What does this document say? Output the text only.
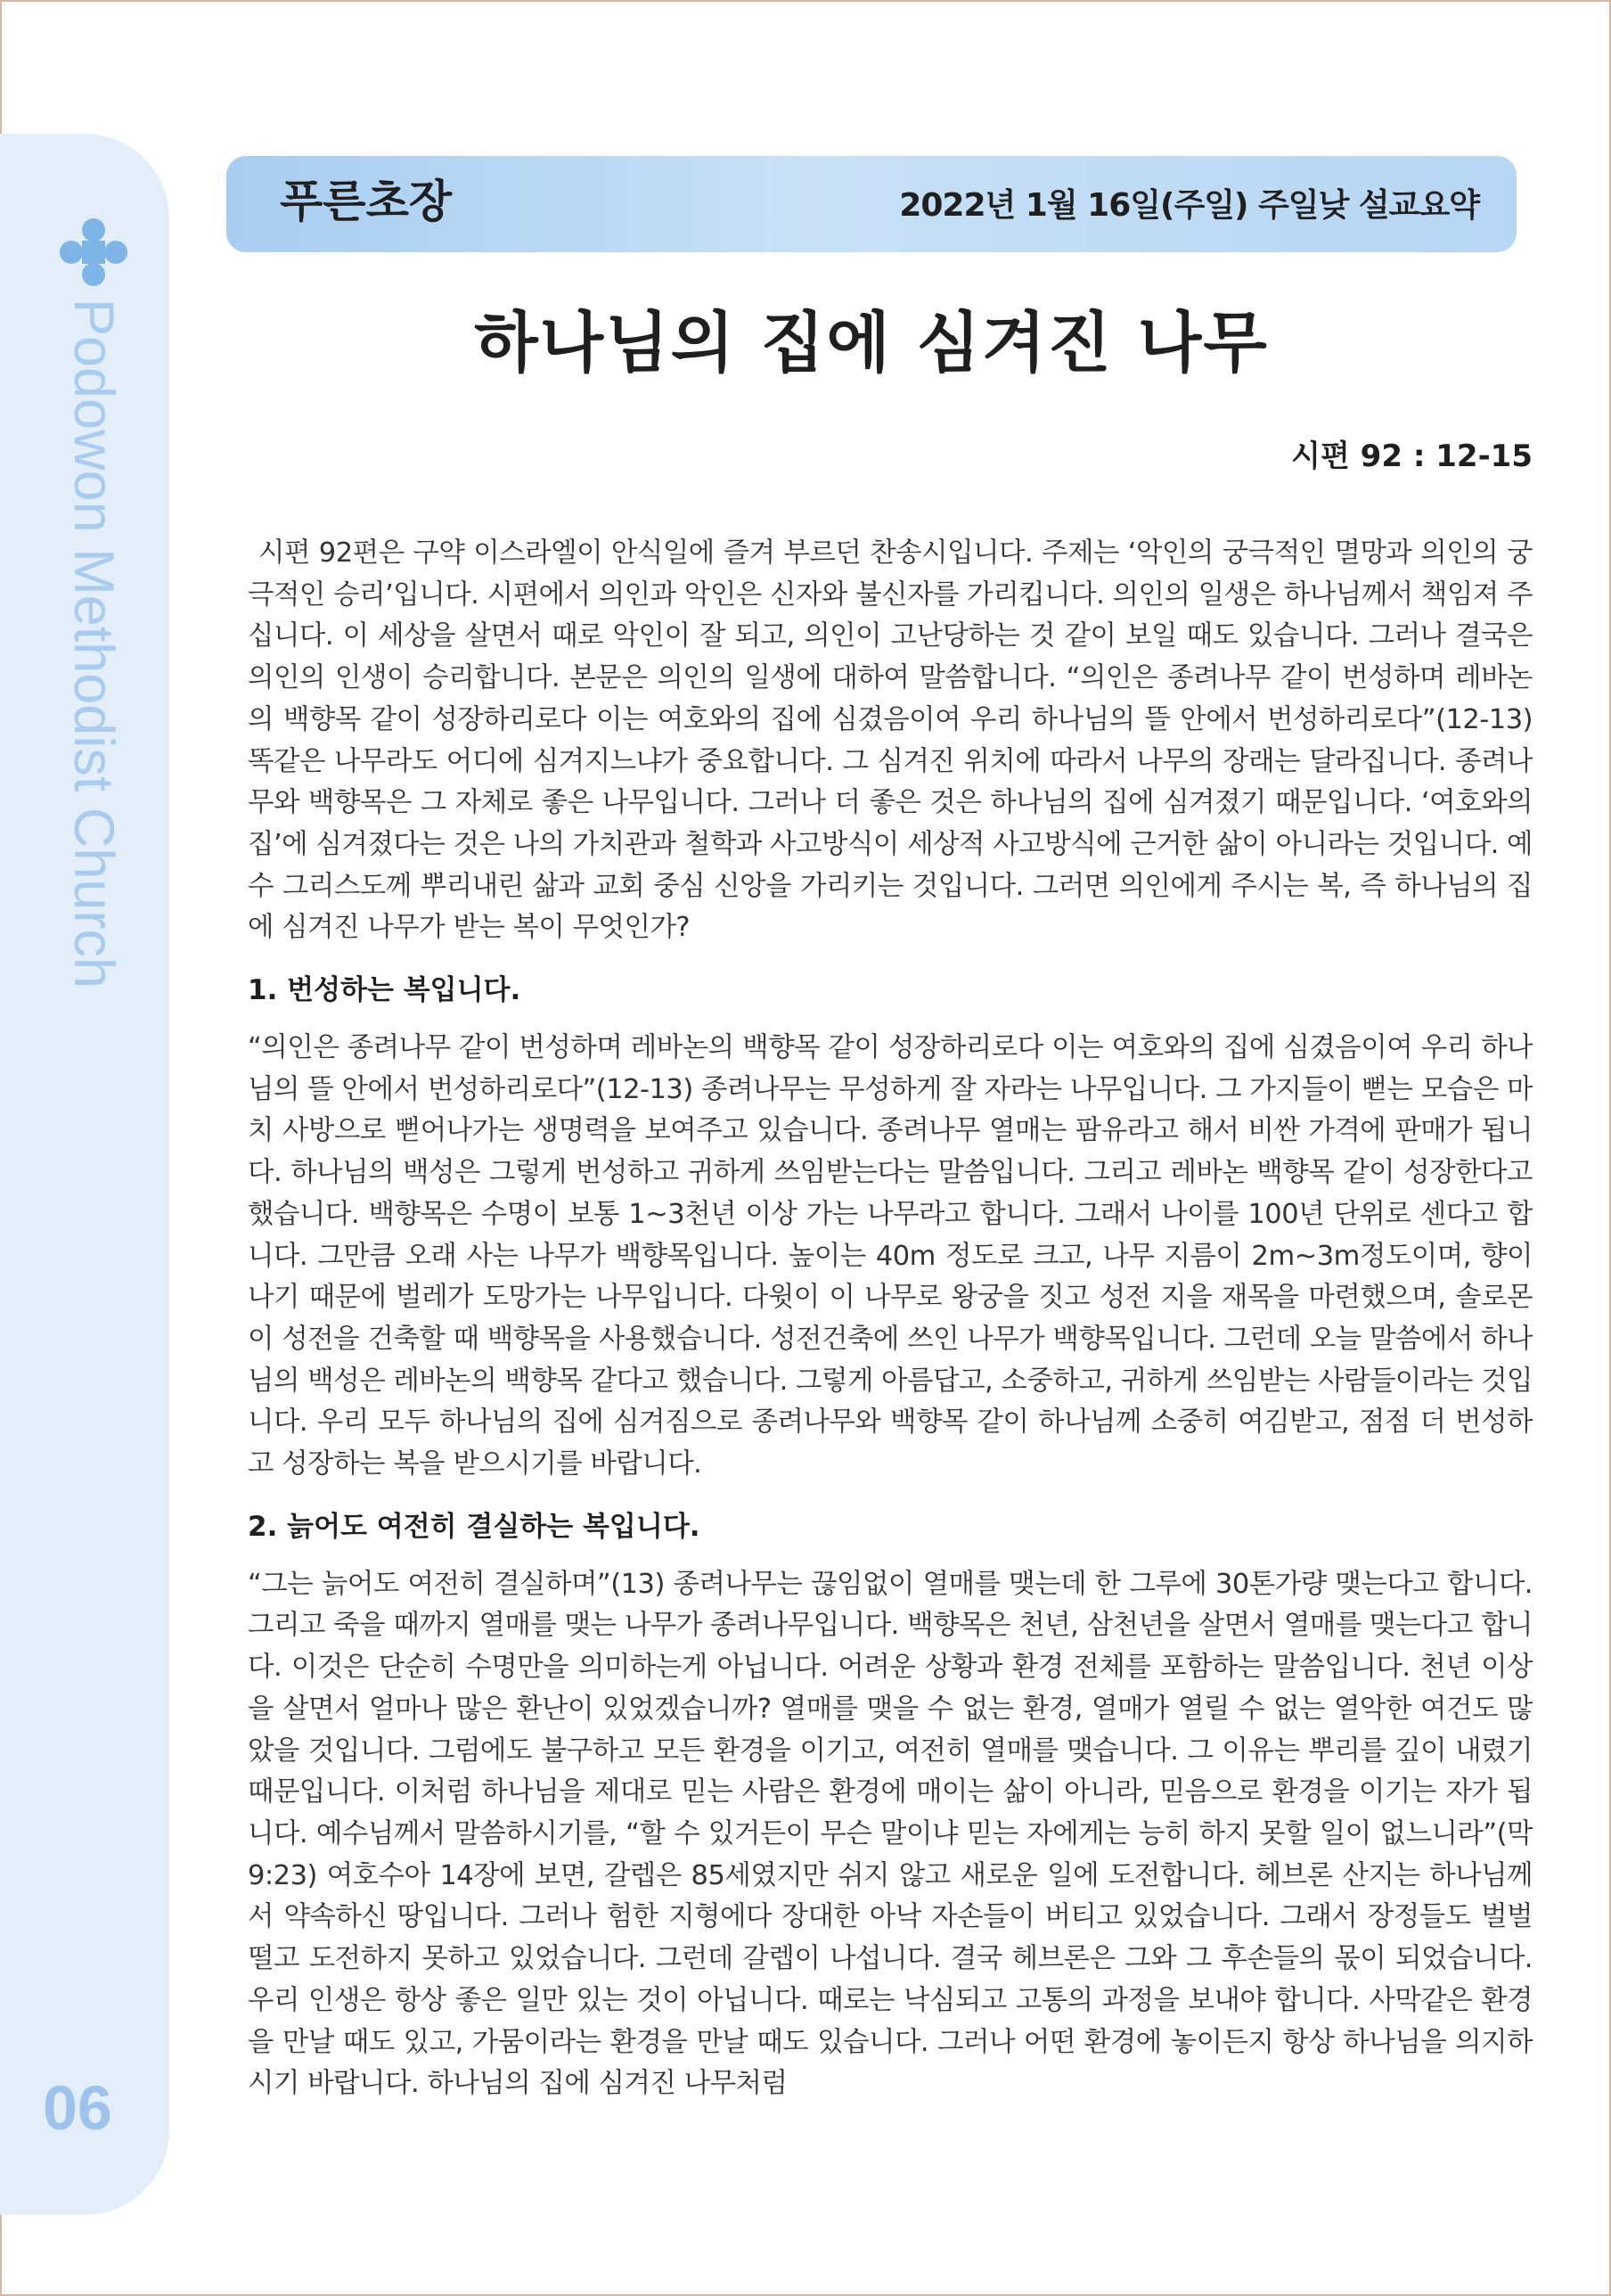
Podowon Methodist Church
06
푸른초장	2022년 1월 16일(주일) 주일낮 설교요약
하나님의 집에 심겨진 나무
시편 92 : 12-15

시편 92편은 구약 이스라엘이 안식일에 즐겨 부르던 찬송시입니다. 주제는 ‘악인의 궁극적인 멸망과 의인의 궁극적인 승리’입니다. 시편에서 의인과 악인은 신자와 불신자를 가리킵니다. 의인의 일생은 하나님께서 책임져 주십니다. 이 세상을 살면서 때로 악인이 잘 되고, 의인이 고난당하는 것 같이 보일 때도 있습니다. 그러나 결국은 의인의 인생이 승리합니다. 본문은 의인의 일생에 대하여 말씀합니다. “의인은 종려나무 같이 번성하며 레바논의 백향목 같이 성장하리로다 이는 여호와의 집에 심겼음이여 우리 하나님의 뜰 안에서 번성하리로다”(12-13) 똑같은 나무라도 어디에 심겨지느냐가 중요합니다. 그 심겨진 위치에 따라서 나무의 장래는 달라집니다. 종려나무와 백향목은 그 자체로 좋은 나무입니다. 그러나 더 좋은 것은 하나님의 집에 심겨졌기 때문입니다. ‘여호와의 집’에 심겨졌다는 것은 나의 가치관과 철학과 사고방식이 세상적 사고방식에 근거한 삶이 아니라는 것입니다. 예수 그리스도께 뿌리내린 삶과 교회 중심 신앙을 가리키는 것입니다. 그러면 의인에게 주시는 복, 즉 하나님의 집에 심겨진 나무가 받는 복이 무엇인가?

1. 번성하는 복입니다.

“의인은 종려나무 같이 번성하며 레바논의 백향목 같이 성장하리로다 이는 여호와의 집에 심겼음이여 우리 하나님의 뜰 안에서 번성하리로다”(12-13) 종려나무는 무성하게 잘 자라는 나무입니다. 그 가지들이 뻗는 모습은 마치 사방으로 뻗어나가는 생명력을 보여주고 있습니다. 종려나무 열매는 팜유라고 해서 비싼 가격에 판매가 됩니다. 하나님의 백성은 그렇게 번성하고 귀하게 쓰임받는다는 말씀입니다. 그리고 레바논 백향목 같이 성장한다고 했습니다. 백향목은 수명이 보통 1~3천년 이상 가는 나무라고 합니다. 그래서 나이를 100년 단위로 센다고 합니다. 그만큼 오래 사는 나무가 백향목입니다. 높이는 40m 정도로 크고, 나무 지름이 2m~3m정도이며, 향이 나기 때문에 벌레가 도망가는 나무입니다. 다윗이 이 나무로 왕궁을 짓고 성전 지을 재목을 마련했으며, 솔로몬이 성전을 건축할 때 백향목을 사용했습니다. 성전건축에 쓰인 나무가 백향목입니다. 그런데 오늘 말씀에서 하나님의 백성은 레바논의 백향목 같다고 했습니다. 그렇게 아름답고, 소중하고, 귀하게 쓰임받는 사람들이라는 것입니다. 우리 모두 하나님의 집에 심겨짐으로 종려나무와 백향목 같이 하나님께 소중히 여김받고, 점점 더 번성하고 성장하는 복을 받으시기를 바랍니다.

2. 늙어도 여전히 결실하는 복입니다.

“그는 늙어도 여전히 결실하며”(13) 종려나무는 끊임없이 열매를 맺는데 한 그루에 30톤가량 맺는다고 합니다. 그리고 죽을 때까지 열매를 맺는 나무가 종려나무입니다. 백향목은 천년, 삼천년을 살면서 열매를 맺는다고 합니다. 이것은 단순히 수명만을 의미하는게 아닙니다. 어려운 상황과 환경 전체를 포함하는 말씀입니다. 천년 이상을 살면서 얼마나 많은 환난이 있었겠습니까? 열매를 맺을 수 없는 환경, 열매가 열릴 수 없는 열악한 여건도 많았을 것입니다. 그럼에도 불구하고 모든 환경을 이기고, 여전히 열매를 맺습니다. 그 이유는 뿌리를 깊이 내렸기 때문입니다. 이처럼 하나님을 제대로 믿는 사람은 환경에 매이는 삶이 아니라, 믿음으로 환경을 이기는 자가 됩니다. 예수님께서 말씀하시기를, “할 수 있거든이 무슨 말이냐 믿는 자에게는 능히 하지 못할 일이 없느니라”(막9:23) 여호수아 14장에 보면, 갈렙은 85세였지만 쉬지 않고 새로운 일에 도전합니다. 헤브론 산지는 하나님께서 약속하신 땅입니다. 그러나 험한 지형에다 장대한 아낙 자손들이 버티고 있었습니다. 그래서 장정들도 벌벌 떨고 도전하지 못하고 있었습니다. 그런데 갈렙이 나섭니다. 결국 헤브론은 그와 그 후손들의 몫이 되었습니다. 우리 인생은 항상 좋은 일만 있는 것이 아닙니다. 때로는 낙심되고 고통의 과정을 보내야 합니다. 사막같은 환경을 만날 때도 있고, 가뭄이라는 환경을 만날 때도 있습니다. 그러나 어떤 환경에 놓이든지 항상 하나님을 의지하시기 바랍니다. 하나님의 집에 심겨진 나무처럼
